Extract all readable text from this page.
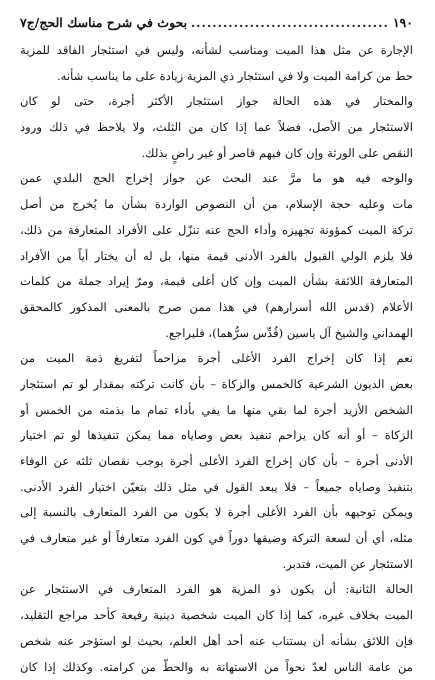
١٩٠
.....
بحوث في شرح مناسك الحج/ج٧
الإجارة عن مثل هذا الميت ومناسب لشأنه، وليس في استئجار الفاقد للمزية
حط من كرامة الميت ولا في استئجار ذي المزية زيادة على ما يناسب شأنه.
والمختار في هذه الحالة جواز استئجار الأكثر أجرة، حتى لو كان
الاستئجار من الأصل، فضلاً عما إذا كان من الثلث، ولا يلاحظ في ذلك ورود
النقص على الورثة وإن كان فيهم قاصر أو غير راضٍ بذلك.
والوجه فيه هو ما مرَّ عند البحث عن جواز إخراج الحج البلدي عمن
مات وعليه حجة الإسلام، من أن النصوص الواردة بشأن ما يُخرج من أصل
تركة الميت كمؤونة تجهيزه وأداء الحج عنه تنزّل على الأفراد المتعارفة من ذلك،
فلا يلزم الولي القبول بالفرد الأدنى قيمة منها، بل له أن يختار أياً من الأفراد
المتعارفة اللائقة بشأن الميت وإن كان أغلى قيمة، ومرّ إيراد جملة من كلمات
الأعلام (قدس الله أسرارهم) في هذا ممن صرح بالمعنى المذكور كالمحقق
الهمداني والشيخ آل ياسين (قُدِّس سرُّهما)، فليراجع.
نعم إذا كان إخراج الفرد الأغلى أجرة مزاحماً لتفريغ ذمة الميت من
بعض الديون الشرعية كالخمس والزكاة – بأن كانت تركته بمقدار لو تم استئجار
الشخص الأزيد أجرة لما بقي منها ما يفي بأداء تمام ما بذمته من الخمس أو
الزكاة – أو أنه كان يزاحم تنفيذ بعض وصاياه مما يمكن تنفيذها لو تم اختيار
الأدنى أجرة – بأن كان إخراج الفرد الأغلى أجرة يوجب نقصان ثلثه عن الوفاء
بتنفيذ وصاياه جميعاً – فلا يبعد القول في مثل ذلك بتعيّن اختيار الفرد الأدنى.
ويمكن توجيهه بأن الفرد الأغلى أجرة لا يكون من الفرد المتعارف بالنسبة إلى
مثله، أي أن لسعة التركة وضيقها دوراً في كون الفرد متعارفاً أو غير متعارف في
الاستئجار عن الميت، فتدبر.
الحالة الثانية: أن يكون ذو المزية هو الفرد المتعارف في الاستئجار عن
الميت بخلاف غيره، كما إذا كان الميت شخصية دينية رفيعة كأحد مراجع التقليد،
فإن اللائق بشأنه أن يستناب عنه أحد أهل العلم، بحيث لو استؤجر عنه شخص
من عامة الناس لعدّ نحواً من الاستهانة به والحطّ من كرامته. وكذلك إذا كان
